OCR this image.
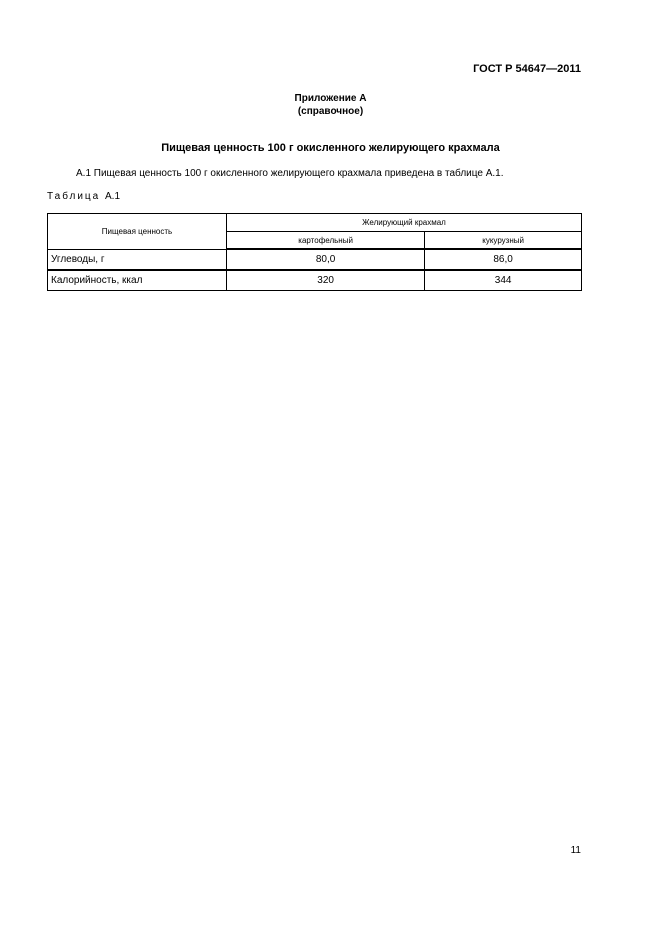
ГОСТ Р 54647—2011
Приложение А
(справочное)
Пищевая ценность 100 г окисленного желирующего крахмала
А.1 Пищевая ценность 100 г окисленного желирующего крахмала приведена в таблице А.1.
Таблица А.1
Пищевая ценность	Желирующий крахмал	
	картофельный	кукурузный
Углеводы, г	80,0	86,0
Калорийность, ккал	320	344
11
